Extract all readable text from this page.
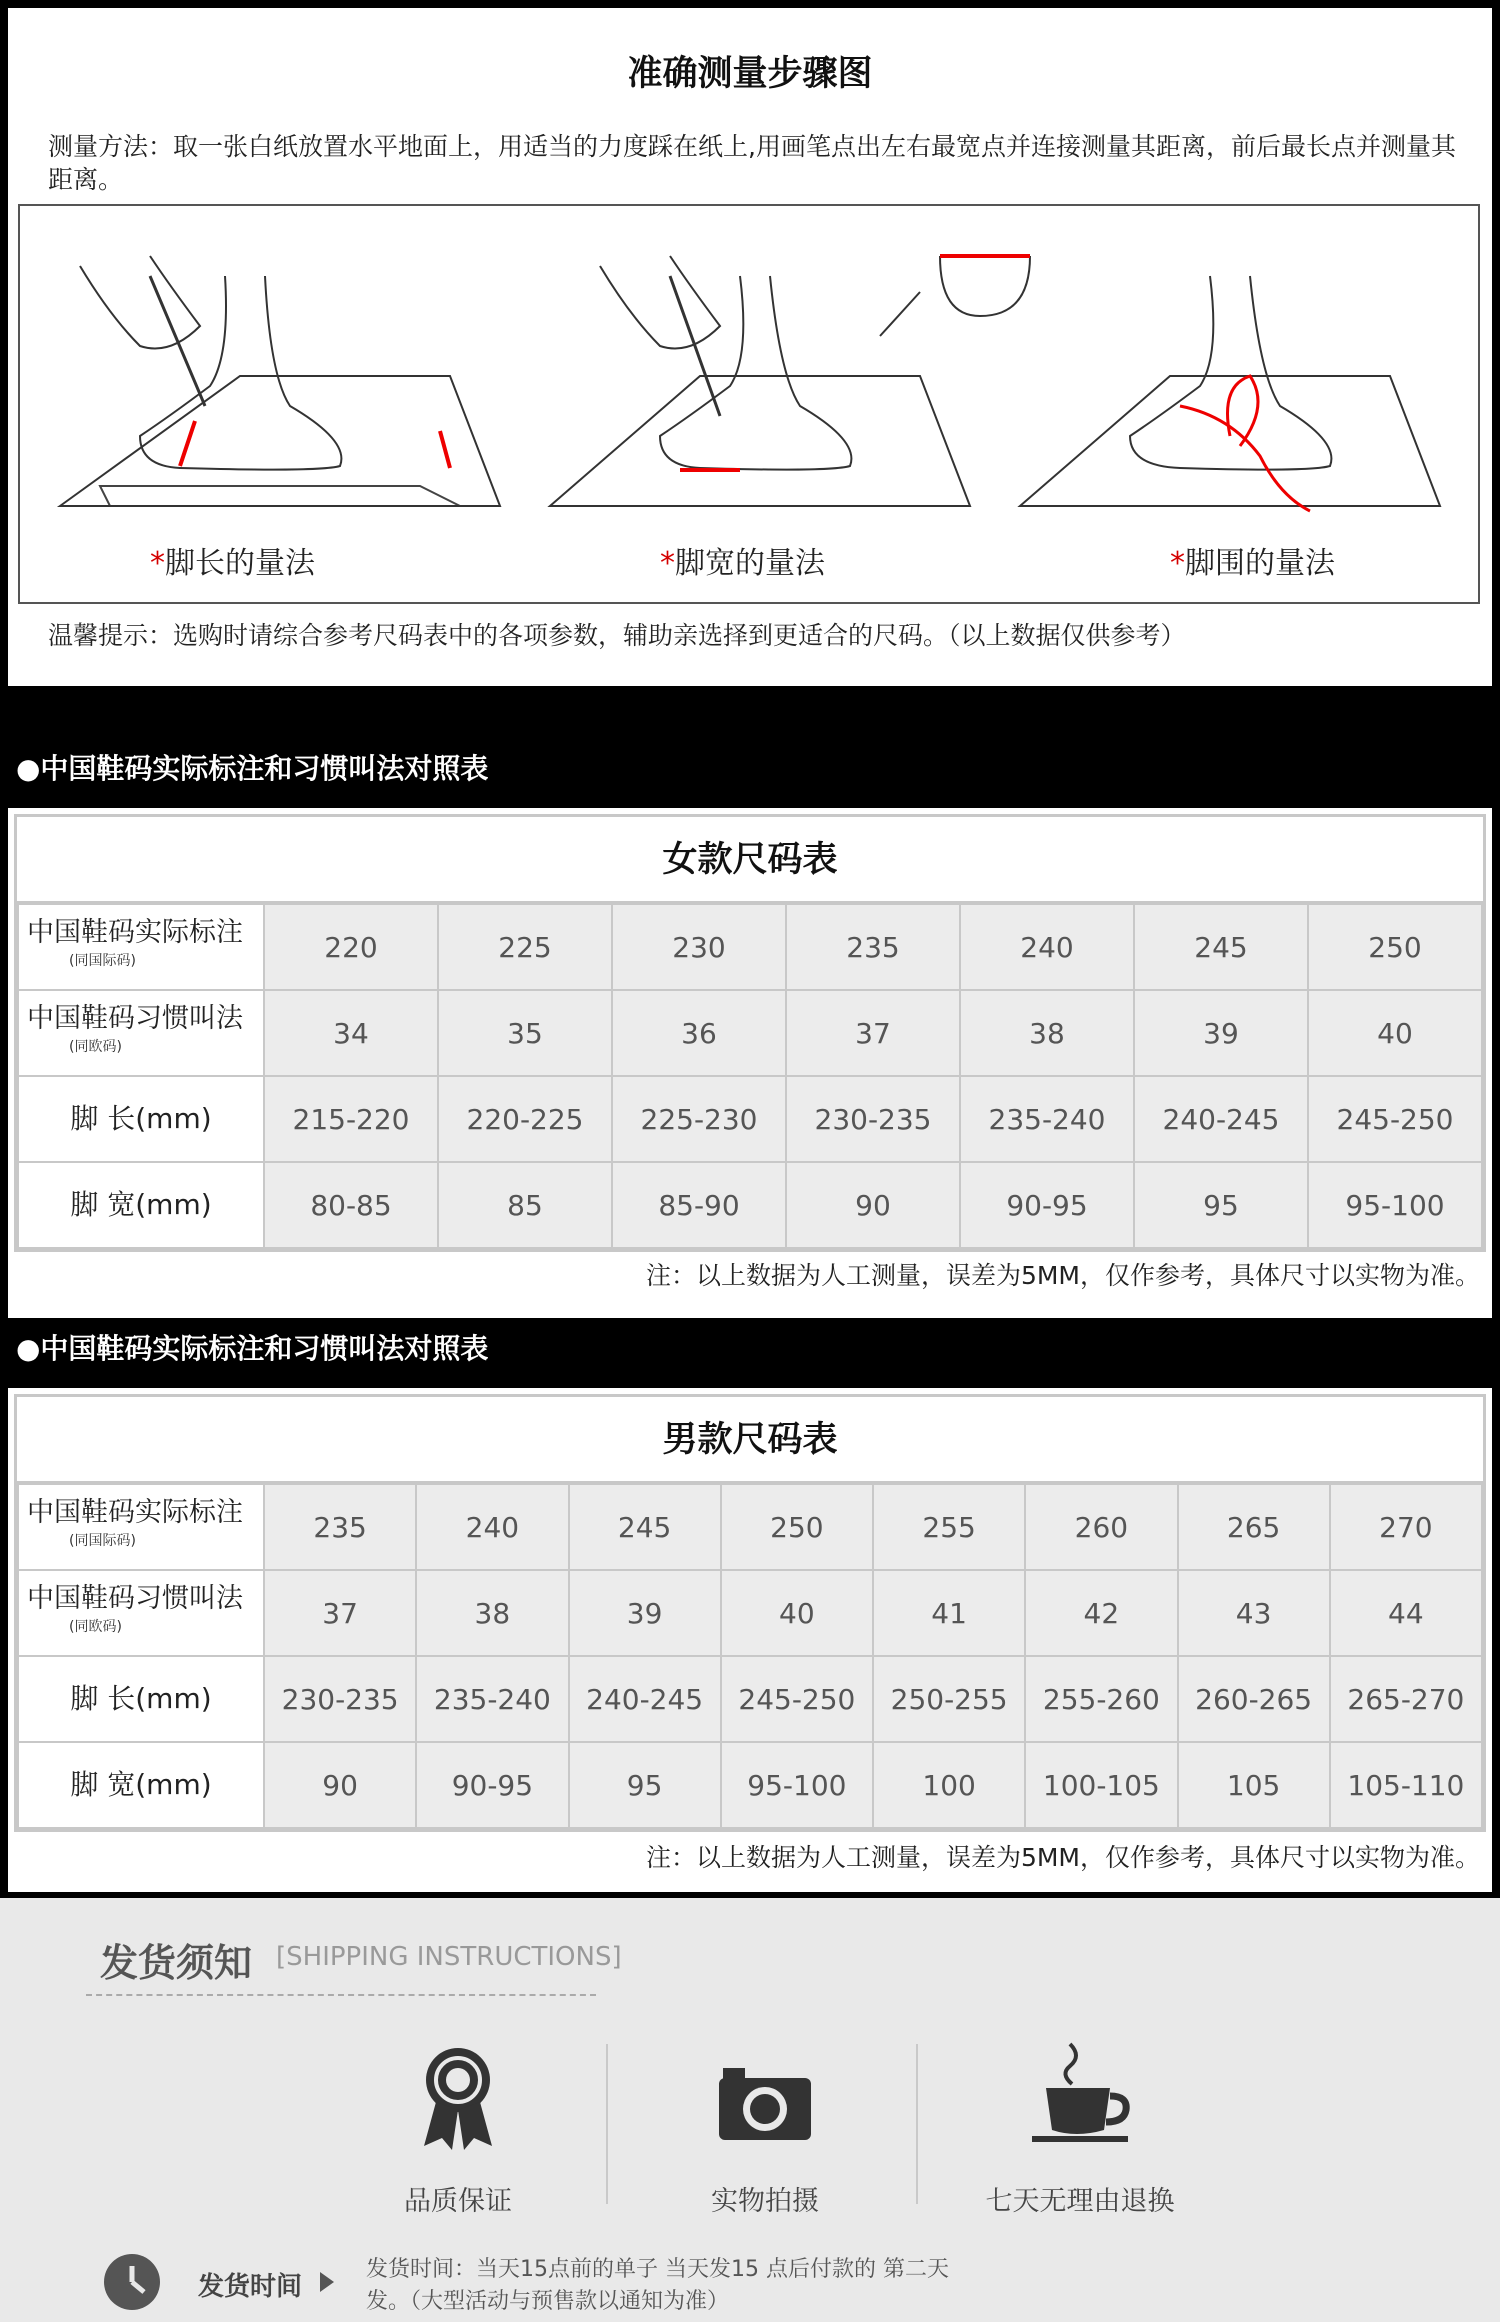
准确测量步骤图
测量方法：取一张白纸放置水平地面上，用适当的力度踩在纸上,用画笔点出左右最宽点并连接测量其距离，前后最长点并测量其距离。
*脚长的量法	*脚宽的量法	*脚围的量法
温馨提示：选购时请综合参考尺码表中的各项参数，辅助亲选择到更适合的尺码。（以上数据仅供参考）
●中国鞋码实际标注和习惯叫法对照表
女款尺码表
中国鞋码实际标注
(同国际码)	220	225	230	235	240	245	250

中国鞋码习惯叫法
(同欧码)	34	35	36	37	38	39	40
脚 长(mm)	215-220	220-225	225-230	230-235	235-240	240-245	245-250
脚 宽(mm)	80-85	85	85-90	90	90-95	95	95-100
注：以上数据为人工测量，误差为5MM，仅作参考，具体尺寸以实物为准。
●中国鞋码实际标注和习惯叫法对照表
男款尺码表
中国鞋码实际标注
(同国际码)	235	240	245	250	255	260	265	270

中国鞋码习惯叫法
(同欧码)	37	38	39	40	41	42	43	44
脚 长(mm)	230-235	235-240	240-245	245-250	250-255	255-260	260-265	265-270
脚 宽(mm)	90	90-95	95	95-100	100	100-105	105	105-110
注：以上数据为人工测量，误差为5MM，仅作参考，具体尺寸以实物为准。
发货须知 [SHIPPING INSTRUCTIONS]
品质保证	实物拍摄	七天无理由退换
发货时间
发货时间：当天15点前的单子 当天发15 点后付款的 第二天发。（大型活动与预售款以通知为准）
